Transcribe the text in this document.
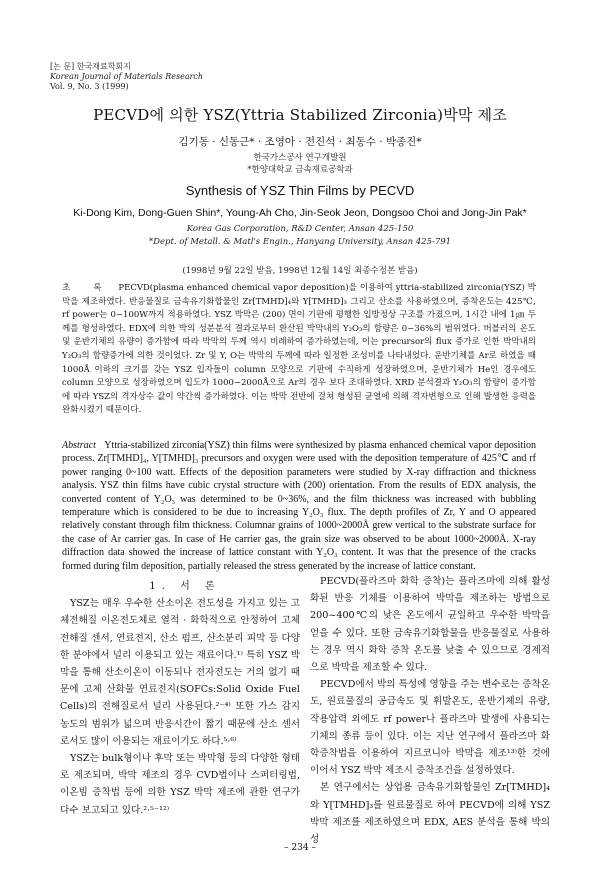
[논 문] 한국재료학회지
Korean Journal of Materials Research
Vol. 9, No. 3 (1999)
PECVD에 의한 YSZ(Yttria Stabilized Zirconia)박막 제조
김기동 · 신동근* · 조영아 · 전진석 · 최동수 · 박종진*
한국가스공사 연구개발원
*한양대학교 금속재료공학과
Synthesis of YSZ Thin Films by PECVD
Ki-Dong Kim, Dong-Guen Shin*, Young-Ah Cho, Jin-Seok Jeon, Dongsoo Choi and Jong-Jin Pak*
Korea Gas Corporation, R&D Center, Ansan 425-150
*Dept. of Metall. & Matl's Engin., Hanyang University, Ansan 425-791
(1998년 9월 22일 받음, 1998년 12월 14일 최종수정본 받음)
초 록 PECVD(plasma enhanced chemical vapor deposition)을 이용하여 yttria-stabilized zirconia(YSZ) 박막을 제조하였다. 반응물질로 금속유기화합물인 Zr[TMHD]₄와 Y[TMHD]₃ 그리고 산소를 사용하였으며, 증착온도는 425℃, rf power는 0~100W까지 적용하였다. YSZ 박막은 (200) 면이 기판에 평행한 입방정상 구조를 가졌으며, 1시간 내에 1㎛ 두께를 형성하였다. EDX에 의한 박의 성분분석 결과로부터 환산된 박막내의 Y₂O₃의 함량은 0~36%의 범위였다. 버블러의 온도 및 운반기체의 유량이 증가함에 따라 박막의 두께 역시 비례하여 증가하였는데, 이는 precursor의 flux 증가로 인한 박막내의 Y₂O₃의 함량증가에 의한 것이었다. Zr 및 Y, O는 박막의 두께에 따라 일정한 조성비를 나타내었다. 운반기체를 Ar로 하였을 때 1000Å 이하의 크기를 갖는 YSZ 입자들이 column 모양으로 기판에 수직하게 성장하였으며, 운반기체가 He인 경우에도 column 모양으로 성장하였으며 입도가 1000~2000Å으로 Ar의 경우 보다 조대하였다. XRD 분석결과 Y₂O₃의 함량이 증가함에 따라 YSZ의 격자상수 값이 약간씩 증가하였다. 이는 박막 전반에 걸쳐 형성된 균열에 의해 격자변형으로 인해 발생한 응력을 완화시켰기 때문이다.
Abstract Yttria-stabilized zirconia(YSZ) thin films were synthesized by plasma enhanced chemical vapor deposition process. Zr[TMHD]₄, Y[TMHD]₃ precursors and oxygen were used with the deposition temperature of 425℃ and rf power ranging 0~100 watt. Effects of the deposition parameters were studied by X-ray diffraction and thickness analysis. YSZ thin films have cubic crystal structure with (200) orientation. From the results of EDX analysis, the converted content of Y₂O₃ was determined to be 0~36%, and the film thickness was increased with bubbling temperature which is considered to be due to increasing Y₂O₃ flux. The depth profiles of Zr, Y and O appeared relatively constant through film thickness. Columnar grains of 1000~2000Å grew vertical to the substrate surface for the case of Ar carrier gas. In case of He carrier gas, the grain size was observed to be about 1000~2000Å. X-ray diffraction data showed the increase of lattice constant with Y₂O₃ content. It was that the presence of the cracks formed during film deposition, partially released the stress generated by the increase of lattice constant.

1. 서 론

YSZ는 매우 우수한 산소이온 전도성을 가지고 있는 고체전해질 이온전도체로 열적 · 화학적으로 안정하여 고체전해질 센서, 연료전지, 산소 펌프, 산소분리 피막 등 다양한 분야에서 널리 이용되고 있는 재료이다.¹⁾ 특히 YSZ 박막을 통해 산소이온이 이동되나 전자전도는 거의 없기 때문에 고체 산화물 연료전지(SOFCs:Solid Oxide Fuel Cells)의 전해질로서 널리 사용된다.²⁻⁴⁾ 또한 가스 감지 농도의 범위가 넓으며 반응시간이 짧기 때문에 산소 센서로서도 많이 이용되는 재료이기도 하다.⁵·⁶⁾

YSZ는 bulk형이나 후막 또는 박막형 등의 다양한 형태로 제조되며, 박막 제조의 경우 CVD법이나 스퍼터링법, 이온빔 증착법 등에 의한 YSZ 박막 제조에 관한 연구가 다수 보고되고 있다.²·⁵⁻¹²⁾

PECVD(플라즈마 화학 증착)는 플라즈마에 의해 활성화된 반응 기체를 이용하여 박막을 제조하는 방법으로 200~400℃의 낮은 온도에서 균일하고 우수한 박막을 얻을 수 있다. 또한 금속유기화합물을 반응물질로 사용하는 경우 역시 화학 증착 온도를 낮출 수 있으므로 경제적으로 박막을 제조할 수 있다.

PECVD에서 박의 특성에 영향을 주는 변수로는 증착온도, 원료물질의 공급속도 및 휘발온도, 운반기체의 유량, 작용압력 외에도 rf power나 플라즈마 발생에 사용되는 기체의 종류 등이 있다. 이는 지난 연구에서 플라즈마 화학증착법을 이용하여 지르코니아 박막을 제조¹³⁾한 것에 이어서 YSZ 박막 제조시 증착조건을 설정하였다.

본 연구에서는 상업용 금속유기화합물인 Zr[TMHD]₄와 Y[TMHD]₃를 원료물질로 하여 PECVD에 의해 YSZ 박막 제조를 제조하였으며 EDX, AES 분석을 통해 박의 성

– 234 –
